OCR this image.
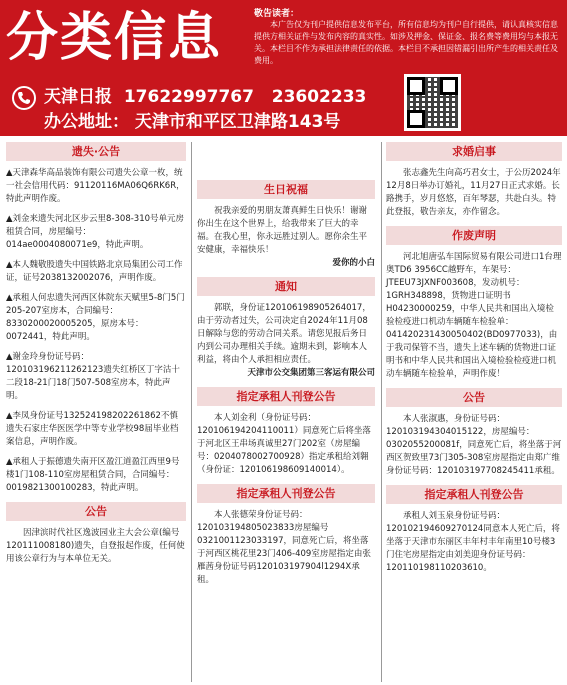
分类信息	敬告读者：
本广告仅为刊户提供信息发布平台，所有信息均为刊户自行提供，请认真核实信息提供方相关证件与发布内容的真实性。如涉及押金、保证金、报名费等费用均与本报无关。本栏目不作为承担法律责任的依据。本栏目不承担因错漏引出所产生的相关责任及费用。
天津日报 17622997767 23602233
办公地址： 天津市和平区卫津路143号
遗失·公告

▲天津森华高品装饰有限公司遗失公章一枚，统一社会信用代码：91120116MA06Q6RK6R，特此声明作废。

▲刘金来遗失河北区步云里8-308-310号单元房租赁合同，房屋编号：014ae0004080071e9，特此声明。

▲本人魏敬股遗失中国铁路北京局集团公司工作证，证号2038132002076，声明作废。

▲承租人何忠遗失河西区体院东天赋里5-8门5门205-207室房本，合同编号：8330200020005205，原房本号：0072441，特此声明。

▲谢金玲身份证号码：120103196211262123遗失红桥区丁字沽十二段18-21门18门507-508室房本，特此声明。

▲李凤身份证号132524198202261862不慎遗失石家庄华医医学中等专业学校98届毕业档案信息，声明作废。

▲承租人于振德遗失南开区盈江道盈江西里9号楼1门108-110室房屋租赁合同，合同编号：0019821300100283，特此声明。

公告

因津滨时代社区逸波园业主大会公章(编号120111008180)遗失，自登报起作废，任何使用该公章行为与本单位无关。

生日祝福

祝我亲爱的男朋友萧真鲜生日快乐！谢谢你出生在这个世界上，给我带来了巨大的幸福。在我心里，你永远胜过别人。愿你余生平安健康，幸福快乐！

爱你的小白

通知

郭联，身份证120106198905264017，由于劳动者过失，公司决定自2024年11月08日解除与您的劳动合同关系。请您见报后务日内到公司办理相关手续。逾期未到，影响本人利益，将由个人承担相应责任。

天津市公交集团第三客运有限公司

指定承租人刊登公告

本人刘金利（身份证号码：120106194204110011）同意死亡后将坐落于河北区王串场真诚里27门202室（房屋编号：0204078002700928）指定承租给刘翱（身份证：120106198609140014）。

指定承租人刊登公告

本人张德荣身份证号码：120103194805023833房屋编号0321001123033197，同意死亡后，将坐落于河西区桃花里23门406-409室房屋指定由张雁茜身份证号码120103197904l1294X承租。

求婚启事

张志鑫先生向高巧君女士，于公历2024年12月8日举办订婚礼，11月27日正式求婚。长路携手，岁月悠悠，百年琴瑟，共赴白头。特此登报，敬告亲友，亦作留念。

作废声明

河北旭唐弘车国际贸易有限公司进口1台理奥TD6 3956CC越野车，车架号：JTEEU73JXNF003608，发动机号：1GRH348898，货物进口证明书H04230000259，中华人民共和国出入境检验检疫进口机动车辆随车检验单：041420231430050402(BD0977033)，由于我司保管不当，遗失上述车辆的货物进口证明书和中华人民共和国出入境检验检疫进口机动车辆随车检验单，声明作废！

公告

本人张淑惠，身份证号码：120103194304015122，房屋编号：0302055200081f，同意死亡后，将坐落于河西区贺致里73门305-308室房屋指定由郑广维身份证号码：120103197708245411承租。

指定承租人刊登公告

承租人刘玉泉身份证号码：120102194609270124同意本人死亡后，将坐落于天津市东丽区丰年村丰年南里10号楼3门住宅房屋指定由刘美迎身份证号码：120110198110203610。
